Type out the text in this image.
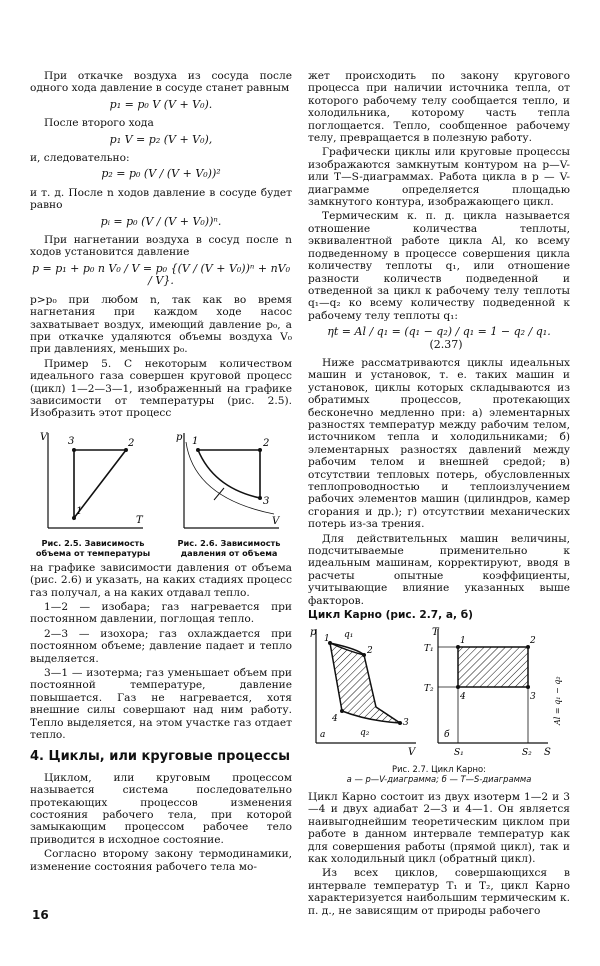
При откачке воздуха из сосуда после одного хода давление в сосуде станет равным

p₁ = p₀ V (V + V₀).

После второго хода

p₁ V = p₂ (V + V₀),

и, следовательно:

p₂ = p₀ (V / (V + V₀))²

и т. д. После n ходов давление в сосуде будет равно

pᵢ = p₀ (V / (V + V₀))ⁿ.

При нагнетании воздуха в сосуд после n ходов установится давление

p = p₁ + p₀ n V₀ / V = p₀ {(V / (V + V₀))ⁿ + nV₀ / V}.

p>p₀ при любом n, так как во время нагнетания при каждом ходе насос захватывает воздух, имеющий давление p₀, а при откачке удаляются объемы воздуха V₀ при давлениях, меньших p₀.

Пример 5. С некоторым количеством идеального газа совершен круговой процесс (цикл) 1—2—3—1, изображенный на графике зависимости от температуры (рис. 2.5). Изобразить этот процесс

V 3	2
1
T
Рис. 2.5. Зависимость объема от температуры
p 1	2
3
V
Рис. 2.6. Зависимость давления от объема

на графике зависимости давления от объема (рис. 2.6) и указать, на каких стадиях процесс газ получал, а на каких отдавал тепло.

1—2 — изобара; газ нагревается при постоянном давлении, поглощая тепло.

2—3 — изохора; газ охлаждается при постоянном объеме; давление падает и тепло выделяется.

3—1 — изотерма; газ уменьшает объем при постоянной температуре, давление повышается. Газ не нагревается, хотя внешние силы совершают над ним работу. Тепло выделяется, на этом участке газ отдает тепло.

4. Циклы, или круговые процессы

Циклом, или круговым процессом называется система последовательно протекающих процессов изменения состояния рабочего тела, при которой замыкающим процессом рабочее тело приводится в исходное состояние.

Согласно второму закону термодинамики, изменение состояния рабочего тела мо-

жет происходить по закону кругового процесса при наличии источника тепла, от которого рабочему телу сообщается тепло, и холодильника, которому часть тепла поглощается. Тепло, сообщенное рабочему телу, превращается в полезную работу.

Графически циклы или круговые процессы изображаются замкнутым контуром на p—V- или T—S-диаграммах. Работа цикла в p — V-диаграмме определяется площадью замкнутого контура, изображающего цикл.

Термическим к. п. д. цикла называется отношение количества теплоты, эквивалентной работе цикла Al, ко всему подведенному в процессе совершения цикла количеству теплоты q₁, или отношение разности количеств подведенной и отведенной за цикл к рабочему телу теплоты q₁—q₂ ко всему количеству подведенной к рабочему телу теплоты q₁:

ηt = Al / q₁ = (q₁ − q₂) / q₁ = 1 − q₂ / q₁. (2.37)

Ниже рассматриваются циклы идеальных машин и установок, т. е. таких машин и установок, циклы которых складываются из обратимых процессов, протекающих бесконечно медленно при: а) элементарных разностях температур между рабочим телом, источником тепла и холодильниками; б) элементарных разностях давлений между рабочим телом и внешней средой; в) отсутствии тепловых потерь, обусловленных теплопроводностью и теплоизлучением рабочих элементов машин (цилиндров, камер сгорания и др.); г) отсутствии механических потерь из-за трения.

Для действительных машин величины, подсчитываемые применительно к идеальным машинам, корректируют, вводя в расчеты опытные коэффициенты, учитывающие влияние указанных выше факторов.

Цикл Карно (рис. 2.7, а, б)
p
1
2
3
4
q₁
q₂
a
V
T
T₁
T₂
1	2
3
4
б
S₁	S₂ S
Al = q₁ − q₂
Рис. 2.7. Цикл Карно:
а — p—V-диаграмма; б — T—S-диаграмма

Цикл Карно состоит из двух изотерм 1—2 и 3—4 и двух адиабат 2—3 и 4—1. Он является наивыгоднейшим теоретическим циклом при работе в данном интервале температур как для совершения работы (прямой цикл), так и как холодильный цикл (обратный цикл).

Из всех циклов, совершающихся в интервале температур T₁ и T₂, цикл Карно характеризуется наибольшим термическим к. п. д., не зависящим от природы рабочего

16
